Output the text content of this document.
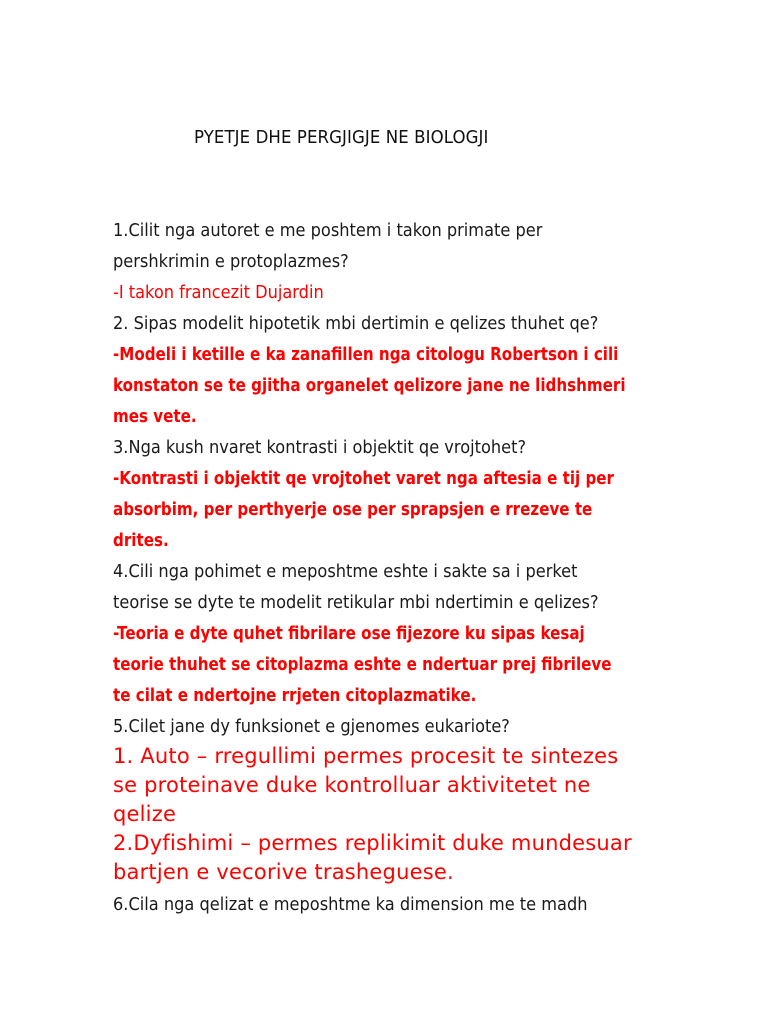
PYETJE DHE PERGJIGJE NE BIOLOGJI
1.Cilit nga autoret e me poshtem i takon primate per
pershkrimin e protoplazmes?
-I takon francezit Dujardin
2. Sipas modelit hipotetik mbi dertimin e qelizes thuhet qe?
-Modeli i ketille e ka zanafillen nga citologu Robertson i cili
konstaton se te gjitha organelet qelizore jane ne lidhshmeri
mes vete.
3.Nga kush nvaret kontrasti i objektit qe vrojtohet?
-Kontrasti i objektit qe vrojtohet varet nga aftesia e tij per
absorbim, per perthyerje ose per sprapsjen e rrezeve te
drites.
4.Cili nga pohimet e meposhtme eshte i sakte sa i perket
teorise se dyte te modelit retikular mbi ndertimin e qelizes?
-Teoria e dyte quhet fibrilare ose fijezore ku sipas kesaj
teorie thuhet se citoplazma eshte e ndertuar prej fibrileve
te cilat e ndertojne rrjeten citoplazmatike.
5.Cilet jane dy funksionet e gjenomes eukariote?
1. Auto – rregullimi permes procesit te sintezes
se proteinave duke kontrolluar aktivitetet ne
qelize
2.Dyfishimi – permes replikimit duke mundesuar
bartjen e vecorive trasheguese.
6.Cila nga qelizat e meposhtme ka dimension me te madh
